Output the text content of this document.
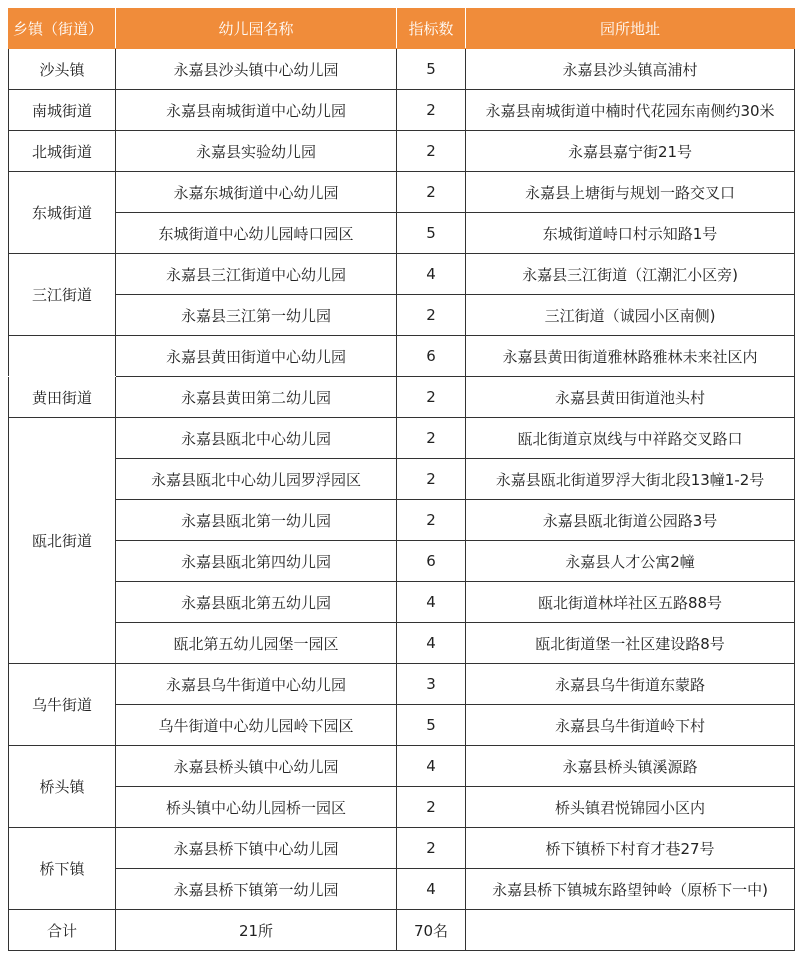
乡镇（街道）	幼儿园名称	指标数	园所地址
沙头镇	永嘉县沙头镇中心幼儿园	5	永嘉县沙头镇高浦村
南城街道	永嘉县南城街道中心幼儿园	2	永嘉县南城街道中楠时代花园东南侧约30米
北城街道	永嘉县实验幼儿园	2	永嘉县嘉宁街21号
东城街道	永嘉东城街道中心幼儿园	2	永嘉县上塘街与规划一路交叉口
	东城街道中心幼儿园峙口园区	5	东城街道峙口村示知路1号
三江街道	永嘉县三江街道中心幼儿园	4	永嘉县三江街道（江潮汇小区旁)
	永嘉县三江第一幼儿园	2	三江街道（诚园小区南侧)
	永嘉县黄田街道中心幼儿园	6	永嘉县黄田街道雅林路雅林未来社区内
黄田街道	永嘉县黄田第二幼儿园	2	永嘉县黄田街道池头村
瓯北街道	永嘉县瓯北中心幼儿园	2	瓯北街道京岚线与中祥路交叉路口
	永嘉县瓯北中心幼儿园罗浮园区	2	永嘉县瓯北街道罗浮大街北段13幢1-2号
	永嘉县瓯北第一幼儿园	2	永嘉县瓯北街道公园路3号
	永嘉县瓯北第四幼儿园	6	永嘉县人才公寓2幢
	永嘉县瓯北第五幼儿园	4	瓯北街道林垟社区五路88号
	瓯北第五幼儿园堡一园区	4	瓯北街道堡一社区建设路8号
乌牛街道	永嘉县乌牛街道中心幼儿园	3	永嘉县乌牛街道东蒙路
	乌牛街道中心幼儿园岭下园区	5	永嘉县乌牛街道岭下村
桥头镇	永嘉县桥头镇中心幼儿园	4	永嘉县桥头镇溪源路
	桥头镇中心幼儿园桥一园区	2	桥头镇君悦锦园小区内
桥下镇	永嘉县桥下镇中心幼儿园	2	桥下镇桥下村育才巷27号
	永嘉县桥下镇第一幼儿园	4	永嘉县桥下镇城东路望钟岭（原桥下一中)
合计	21所	70名	
